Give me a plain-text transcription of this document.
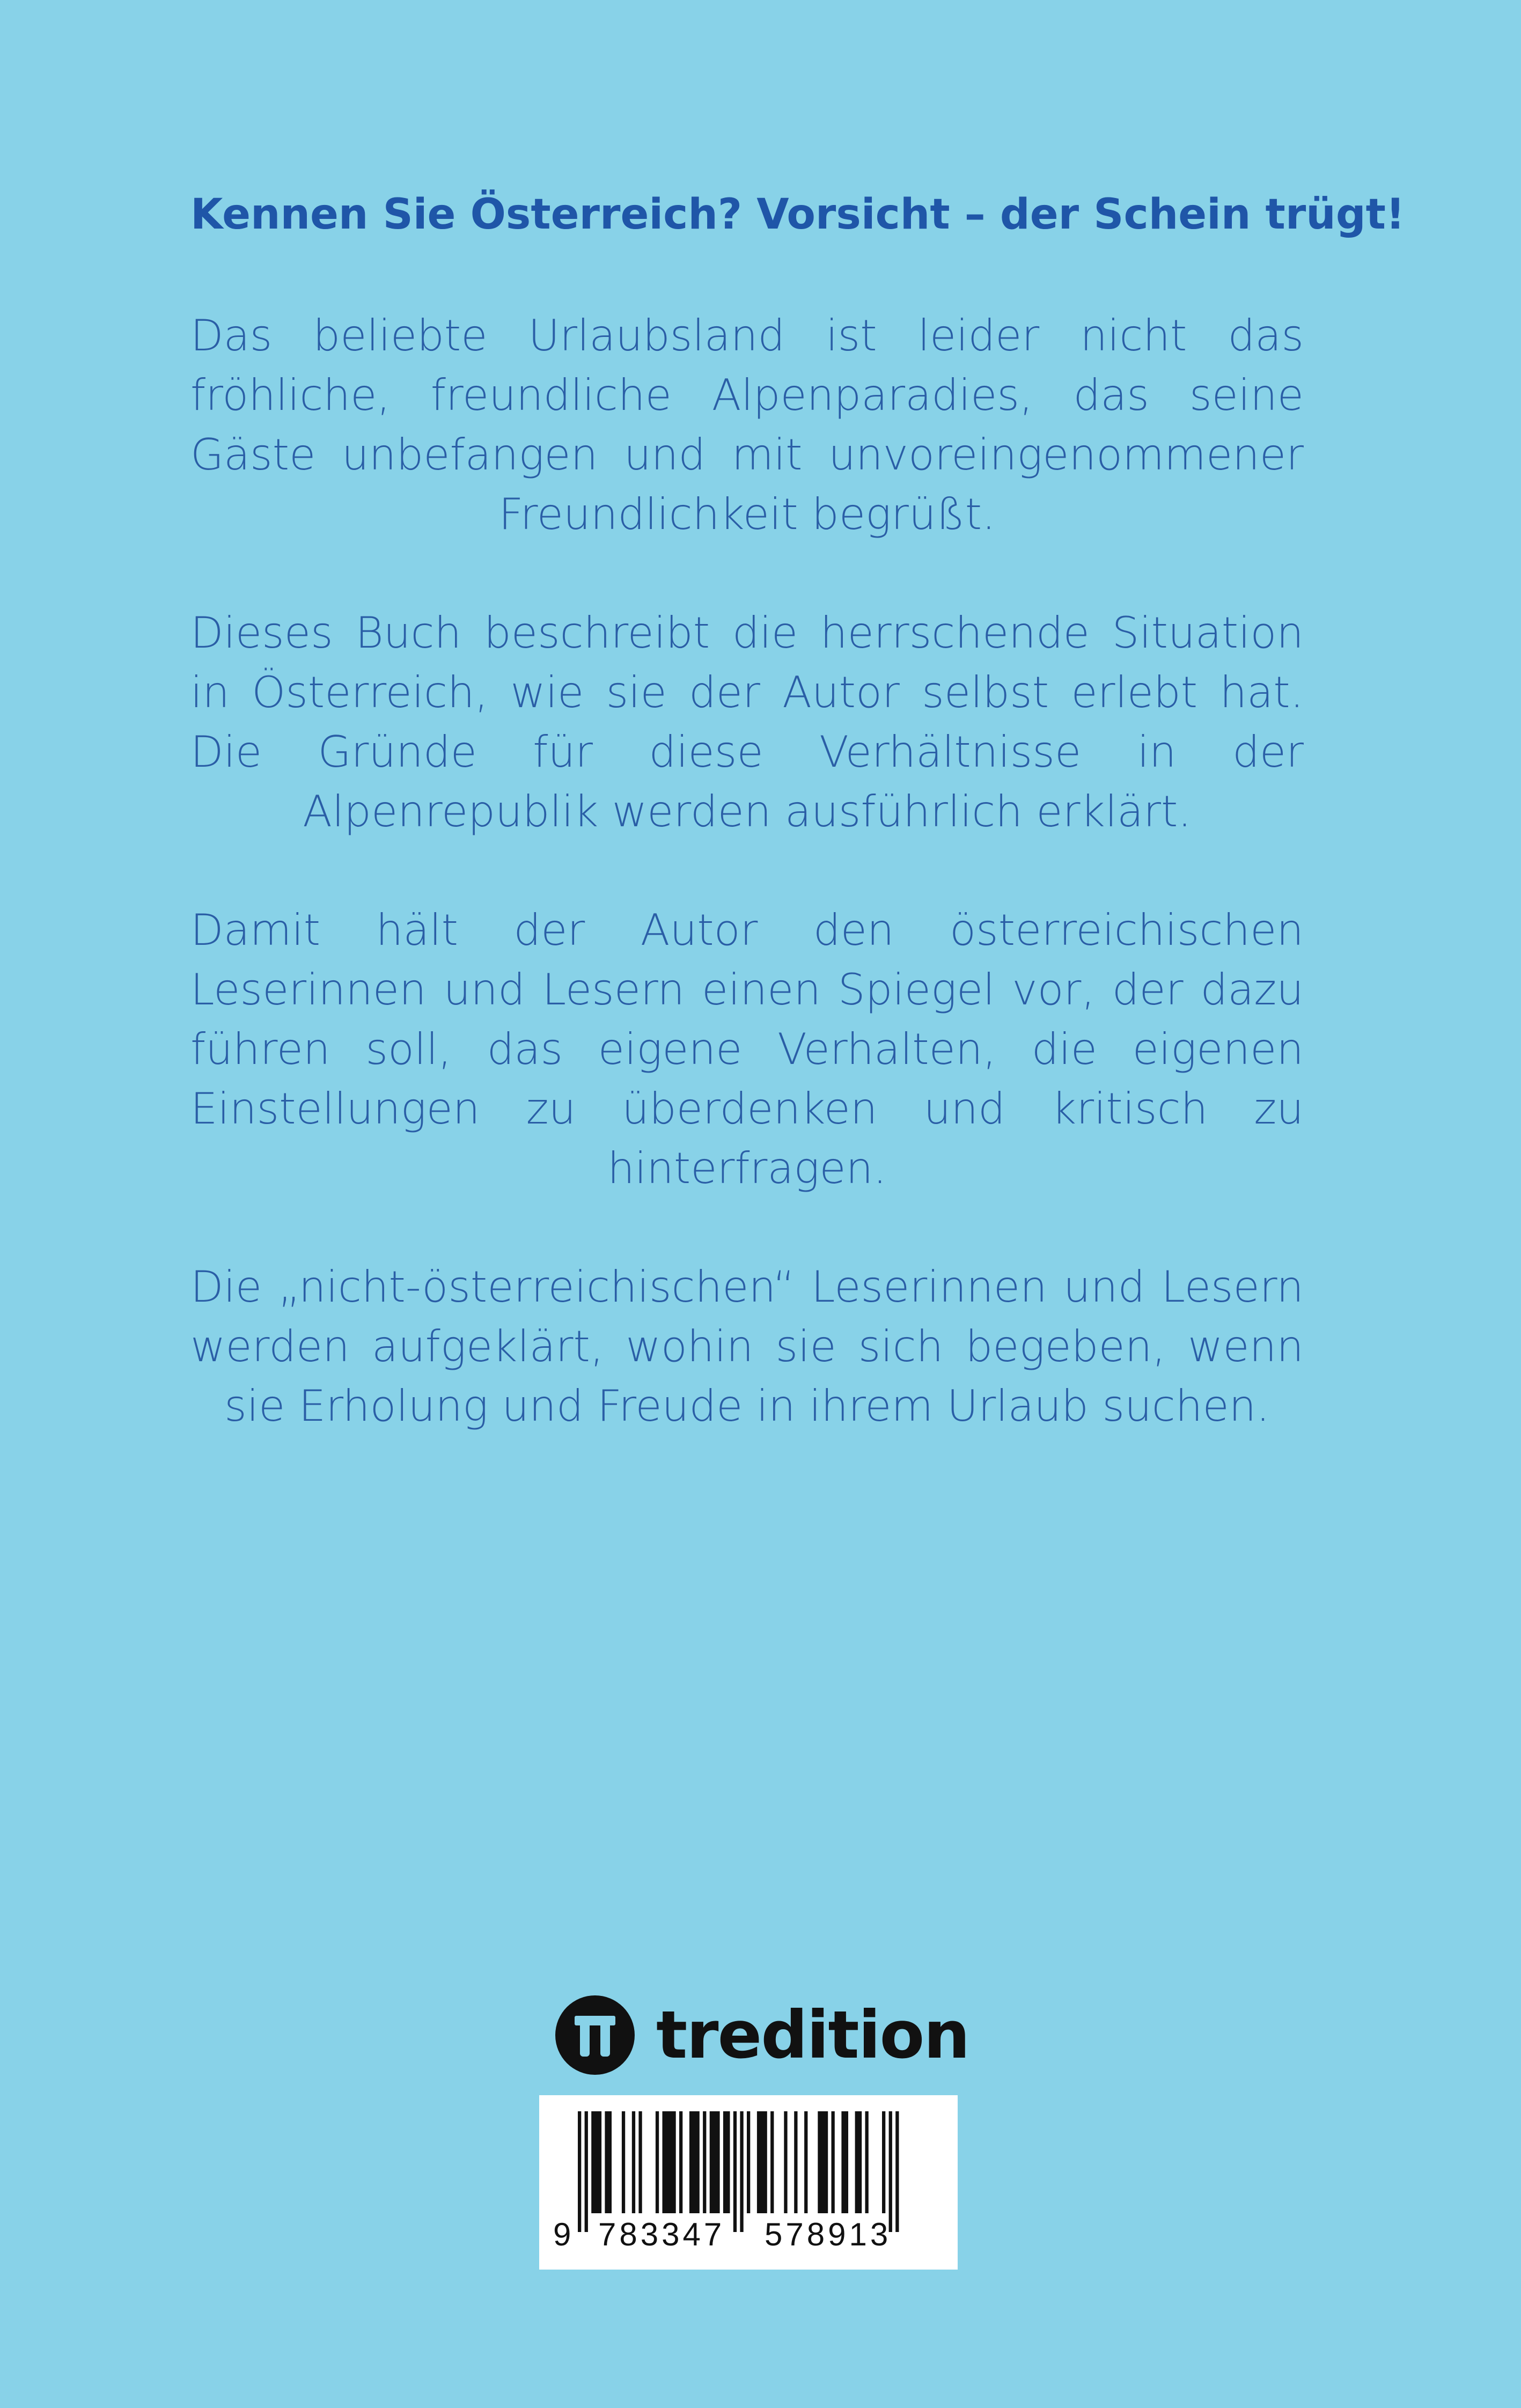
Kennen Sie Österreich? Vorsicht – der Schein trügt!

Das beliebte Urlaubsland ist leider nicht das fröhliche, freundliche Alpenparadies, das seine Gäste unbefangen und mit unvoreingenommener Freundlichkeit begrüßt.

Dieses Buch beschreibt die herrschende Situation in Österreich, wie sie der Autor selbst erlebt hat. Die Gründe für diese Verhältnisse in der Alpenrepublik werden ausführlich erklärt.

Damit hält der Autor den österreichischen Leserinnen und Lesern einen Spiegel vor, der dazu führen soll, das eigene Verhalten, die eigenen Einstellungen zu überdenken und kritisch zu hinterfragen.

Die „nicht-österreichischen“ Leserinnen und Lesern werden aufgeklärt, wohin sie sich begeben, wenn sie Erholung und Freude in ihrem Urlaub suchen.

tredition
9 783347 578913
